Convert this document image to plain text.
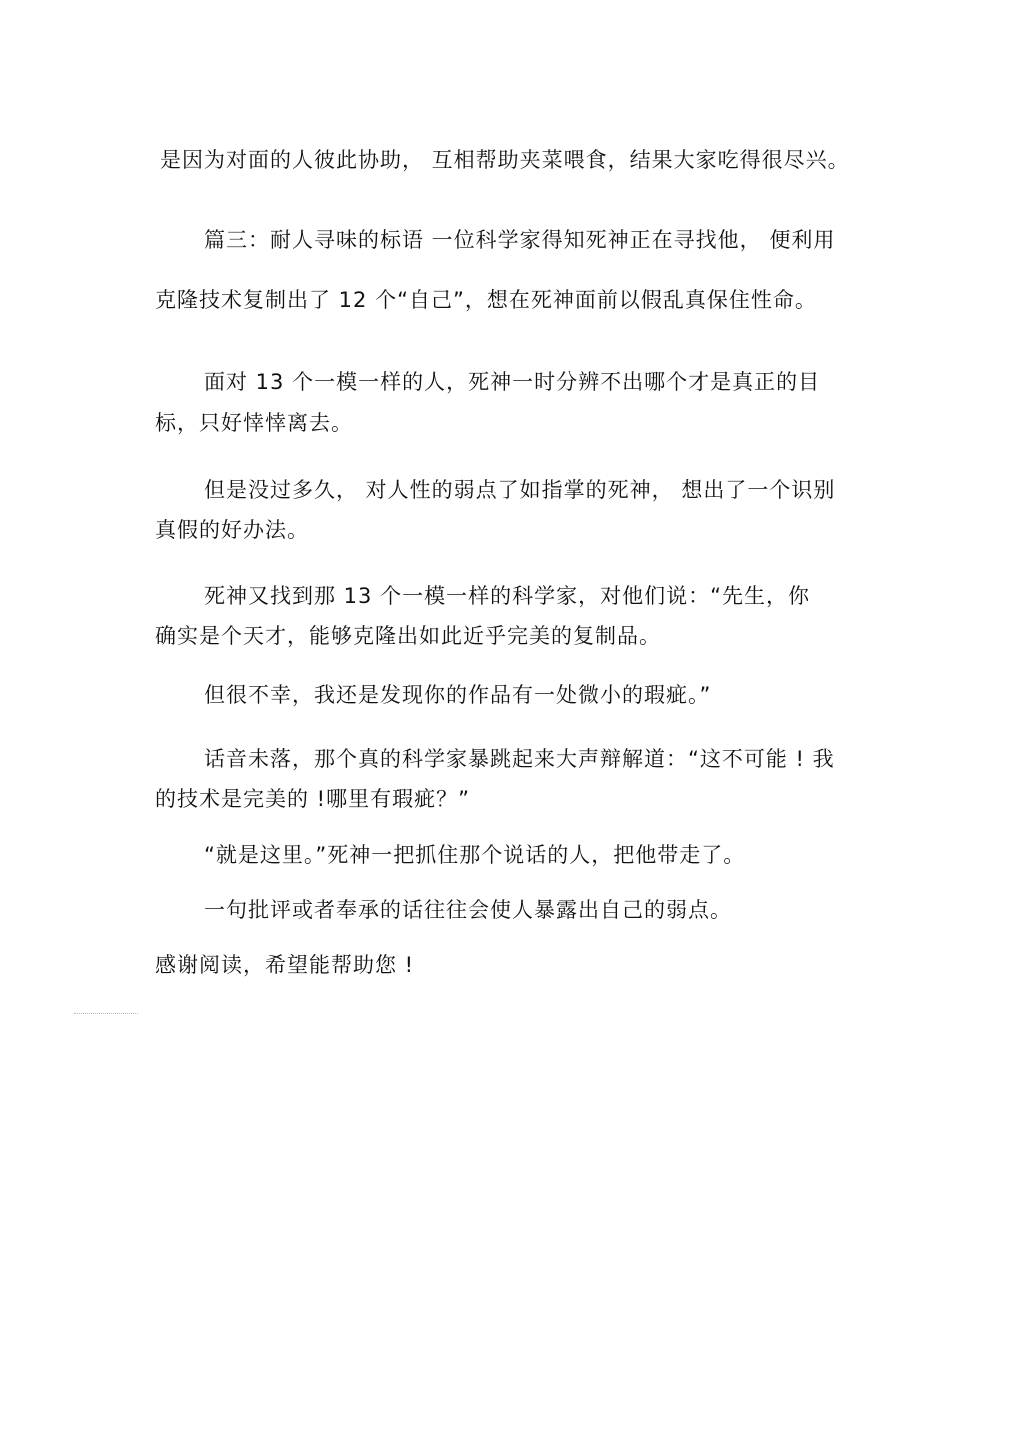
是因为对面的人彼此协助， 互相帮助夹菜喂食，结果大家吃得很尽兴。

篇三：耐人寻味的标语 一位科学家得知死神正在寻找他， 便利用

克隆技术复制出了 12 个“自己”，想在死神面前以假乱真保住性命。

面对 13 个一模一样的人，死神一时分辨不出哪个才是真正的目

标，只好悻悻离去。

但是没过多久， 对人性的弱点了如指掌的死神， 想出了一个识别

真假的好办法。

死神又找到那 13 个一模一样的科学家，对他们说：“先生，你

确实是个天才，能够克隆出如此近乎完美的复制品。

但很不幸，我还是发现你的作品有一处微小的瑕疵。”

话音未落，那个真的科学家暴跳起来大声辩解道：“这不可能 ! 我

的技术是完美的 !哪里有瑕疵？”

“就是这里。”死神一把抓住那个说话的人，把他带走了。

一句批评或者奉承的话往往会使人暴露出自己的弱点。

感谢阅读，希望能帮助您 !
